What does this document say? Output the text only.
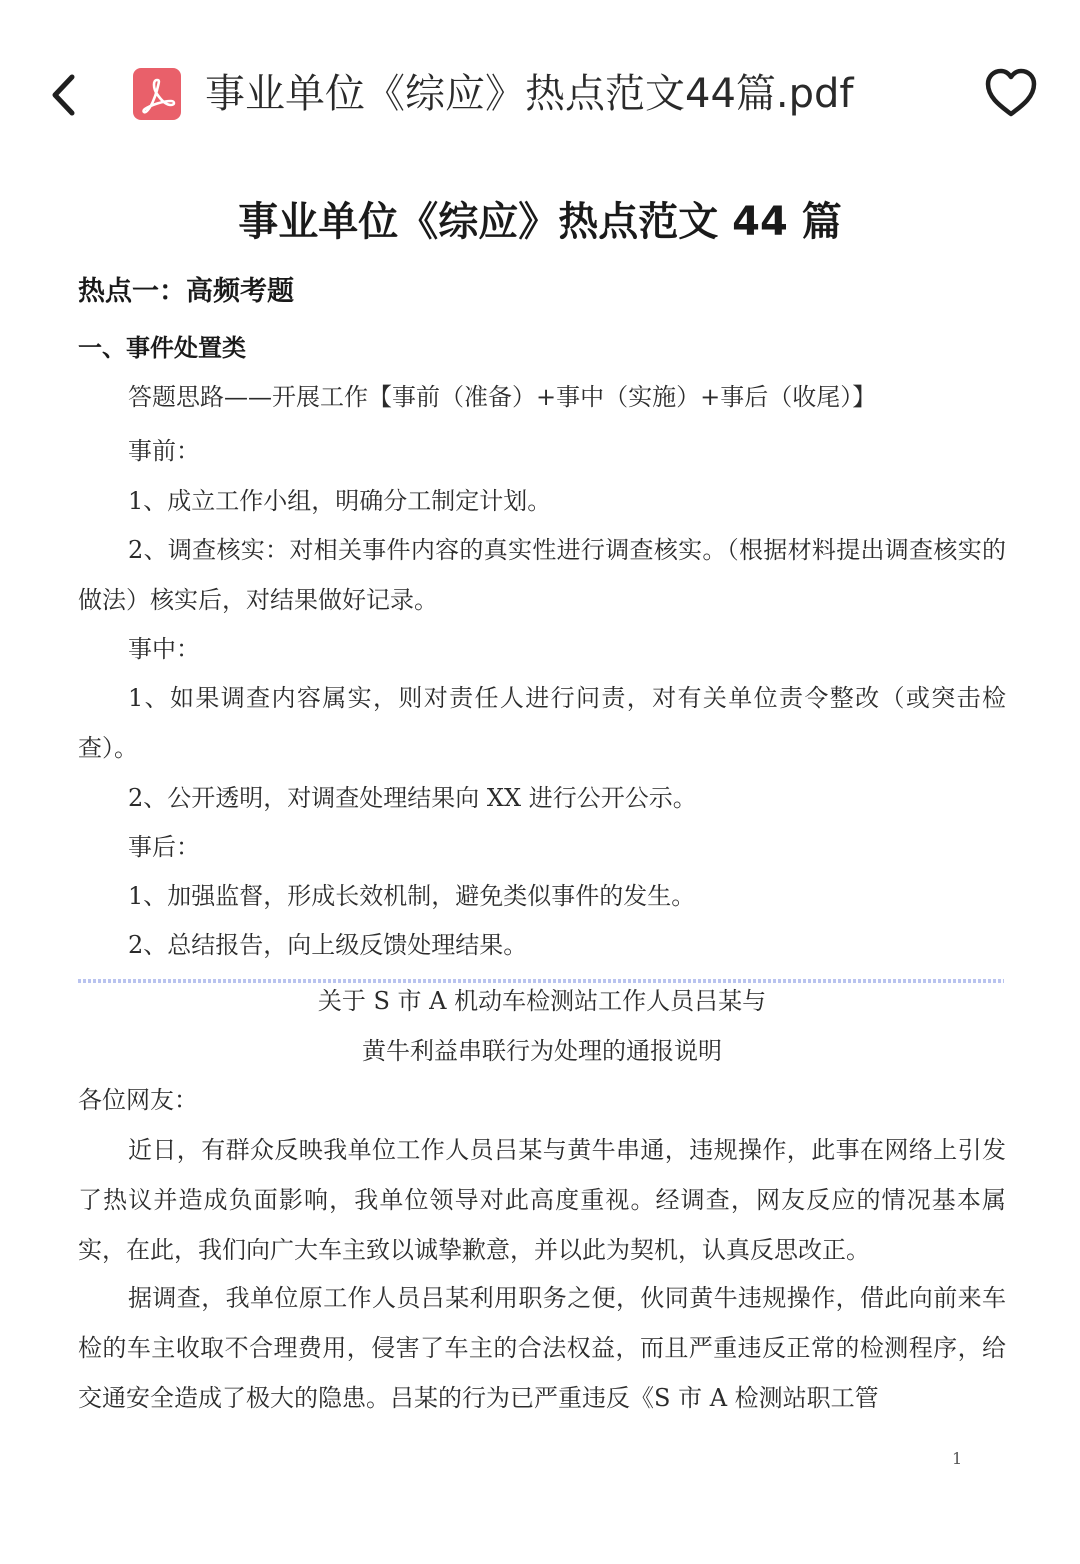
事业单位《综应》热点范文44篇.pdf
事业单位《综应》热点范文 44 篇
热点一：高频考题
一、事件处置类

答题思路——开展工作【事前（准备）+事中（实施）+事后（收尾）】

事前：

1、成立工作小组，明确分工制定计划。

2、调查核实：对相关事件内容的真实性进行调查核实。（根据材料提出调查核实的做法）核实后，对结果做好记录。

事中：

1、如果调查内容属实，则对责任人进行问责，对有关单位责令整改（或突击检查）。

2、公开透明，对调查处理结果向 XX 进行公开公示。

事后：

1、加强监督，形成长效机制，避免类似事件的发生。

2、总结报告，向上级反馈处理结果。

关于 S 市 A 机动车检测站工作人员吕某与

黄牛利益串联行为处理的通报说明

各位网友：

近日，有群众反映我单位工作人员吕某与黄牛串通，违规操作，此事在网络上引发了热议并造成负面影响，我单位领导对此高度重视。经调查，网友反应的情况基本属实，在此，我们向广大车主致以诚挚歉意，并以此为契机，认真反思改正。

据调查，我单位原工作人员吕某利用职务之便，伙同黄牛违规操作，借此向前来车检的车主收取不合理费用，侵害了车主的合法权益，而且严重违反正常的检测程序，给交通安全造成了极大的隐患。吕某的行为已严重违反《S 市 A 检测站职工管

1
